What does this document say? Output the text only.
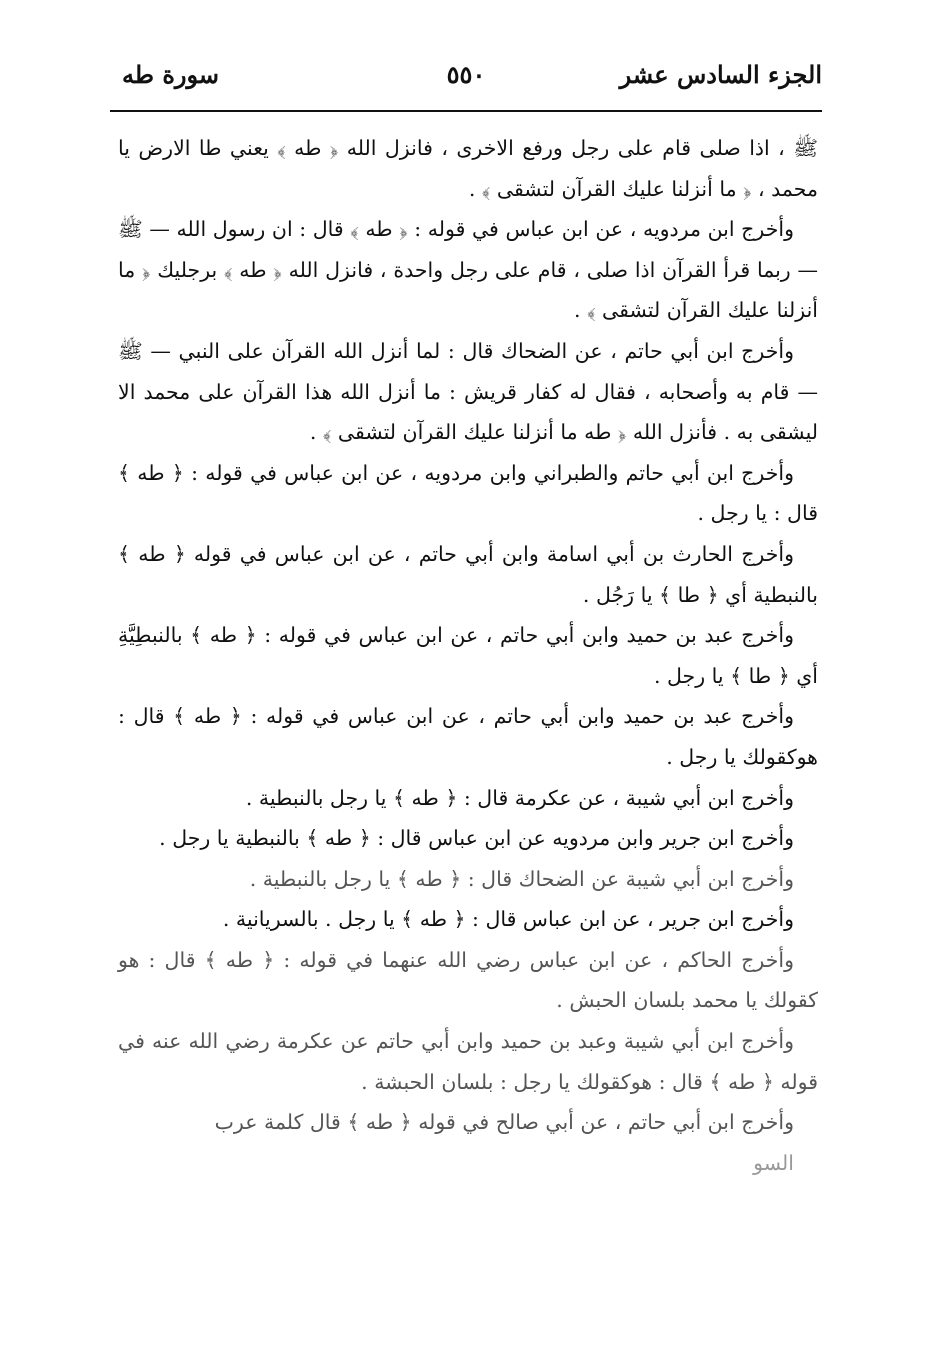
الجزء السادس عشر
٥٥٠
سورة طه

ﷺ ، اذا صلى قام على رجل ورفع الاخرى ، فانزل الله ﴿ طه ﴾ يعني طا الارض يا محمد ، ﴿ ما أنزلنا عليك القرآن لتشقى ﴾ .

وأخرج ابن مردويه ، عن ابن عباس في قوله : ﴿ طه ﴾ قال : ان رسول الله — ﷺ — ربما قرأ القرآن اذا صلى ، قام على رجل واحدة ، فانزل الله ﴿ طه ﴾ برجليك ﴿ ما أنزلنا عليك القرآن لتشقى ﴾ .

وأخرج ابن أبي حاتم ، عن الضحاك قال : لما أنزل الله القرآن على النبي — ﷺ — قام به وأصحابه ، فقال له كفار قريش : ما أنزل الله هذا القرآن على محمد الا ليشقى به . فأنزل الله ﴿ طه ما أنزلنا عليك القرآن لتشقى ﴾ .

وأخرج ابن أبي حاتم والطبراني وابن مردويه ، عن ابن عباس في قوله : ﴿ طه ﴾ قال : يا رجل .

وأخرج الحارث بن أبي اسامة وابن أبي حاتم ، عن ابن عباس في قوله ﴿ طه ﴾ بالنبطية أي ﴿ طا ﴾ يا رَجُل .

وأخرج عبد بن حميد وابن أبي حاتم ، عن ابن عباس في قوله : ﴿ طه ﴾ بالنبطِيَّةِ أي ﴿ طا ﴾ يا رجل .

وأخرج عبد بن حميد وابن أبي حاتم ، عن ابن عباس في قوله : ﴿ طه ﴾ قال : هوكقولك يا رجل .

وأخرج ابن أبي شيبة ، عن عكرمة قال : ﴿ طه ﴾ يا رجل بالنبطية .

وأخرج ابن جرير وابن مردويه عن ابن عباس قال : ﴿ طه ﴾ بالنبطية يا رجل .

وأخرج ابن أبي شيبة عن الضحاك قال : ﴿ طه ﴾ يا رجل بالنبطية .

وأخرج ابن جرير ، عن ابن عباس قال : ﴿ طه ﴾ يا رجل . بالسريانية .

وأخرج الحاكم ، عن ابن عباس رضي الله عنهما في قوله : ﴿ طه ﴾ قال : هو كقولك يا محمد بلسان الحبش .

وأخرج ابن أبي شيبة وعبد بن حميد وابن أبي حاتم عن عكرمة رضي الله عنه في قوله ﴿ طه ﴾ قال : هوكقولك يا رجل : بلسان الحبشة .

وأخرج ابن أبي حاتم ، عن أبي صالح في قوله ﴿ طه ﴾ قال كلمة عرب

السو
